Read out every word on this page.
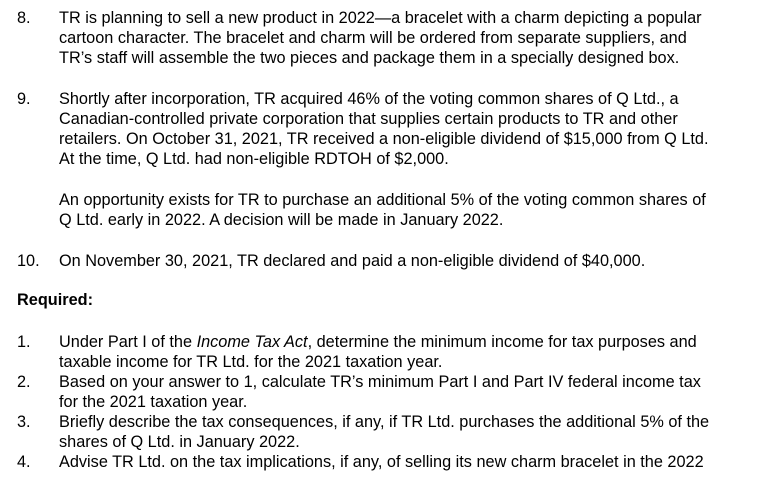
8. TR is planning to sell a new product in 2022—a bracelet with a charm depicting a popular
cartoon character. The bracelet and charm will be ordered from separate suppliers, and
TR’s staff will assemble the two pieces and package them in a specially designed box.
9. Shortly after incorporation, TR acquired 46% of the voting common shares of Q Ltd., a
Canadian-controlled private corporation that supplies certain products to TR and other
retailers. On October 31, 2021, TR received a non-eligible dividend of $15,000 from Q Ltd.
At the time, Q Ltd. had non-eligible RDTOH of $2,000.
An opportunity exists for TR to purchase an additional 5% of the voting common shares of
Q Ltd. early in 2022. A decision will be made in January 2022.
10. On November 30, 2021, TR declared and paid a non-eligible dividend of $40,000.
Required:
1. Under Part I of the Income Tax Act, determine the minimum income for tax purposes and
taxable income for TR Ltd. for the 2021 taxation year.
2. Based on your answer to 1, calculate TR’s minimum Part I and Part IV federal income tax
for the 2021 taxation year.
3. Briefly describe the tax consequences, if any, if TR Ltd. purchases the additional 5% of the
shares of Q Ltd. in January 2022.
4. Advise TR Ltd. on the tax implications, if any, of selling its new charm bracelet in the 2022
